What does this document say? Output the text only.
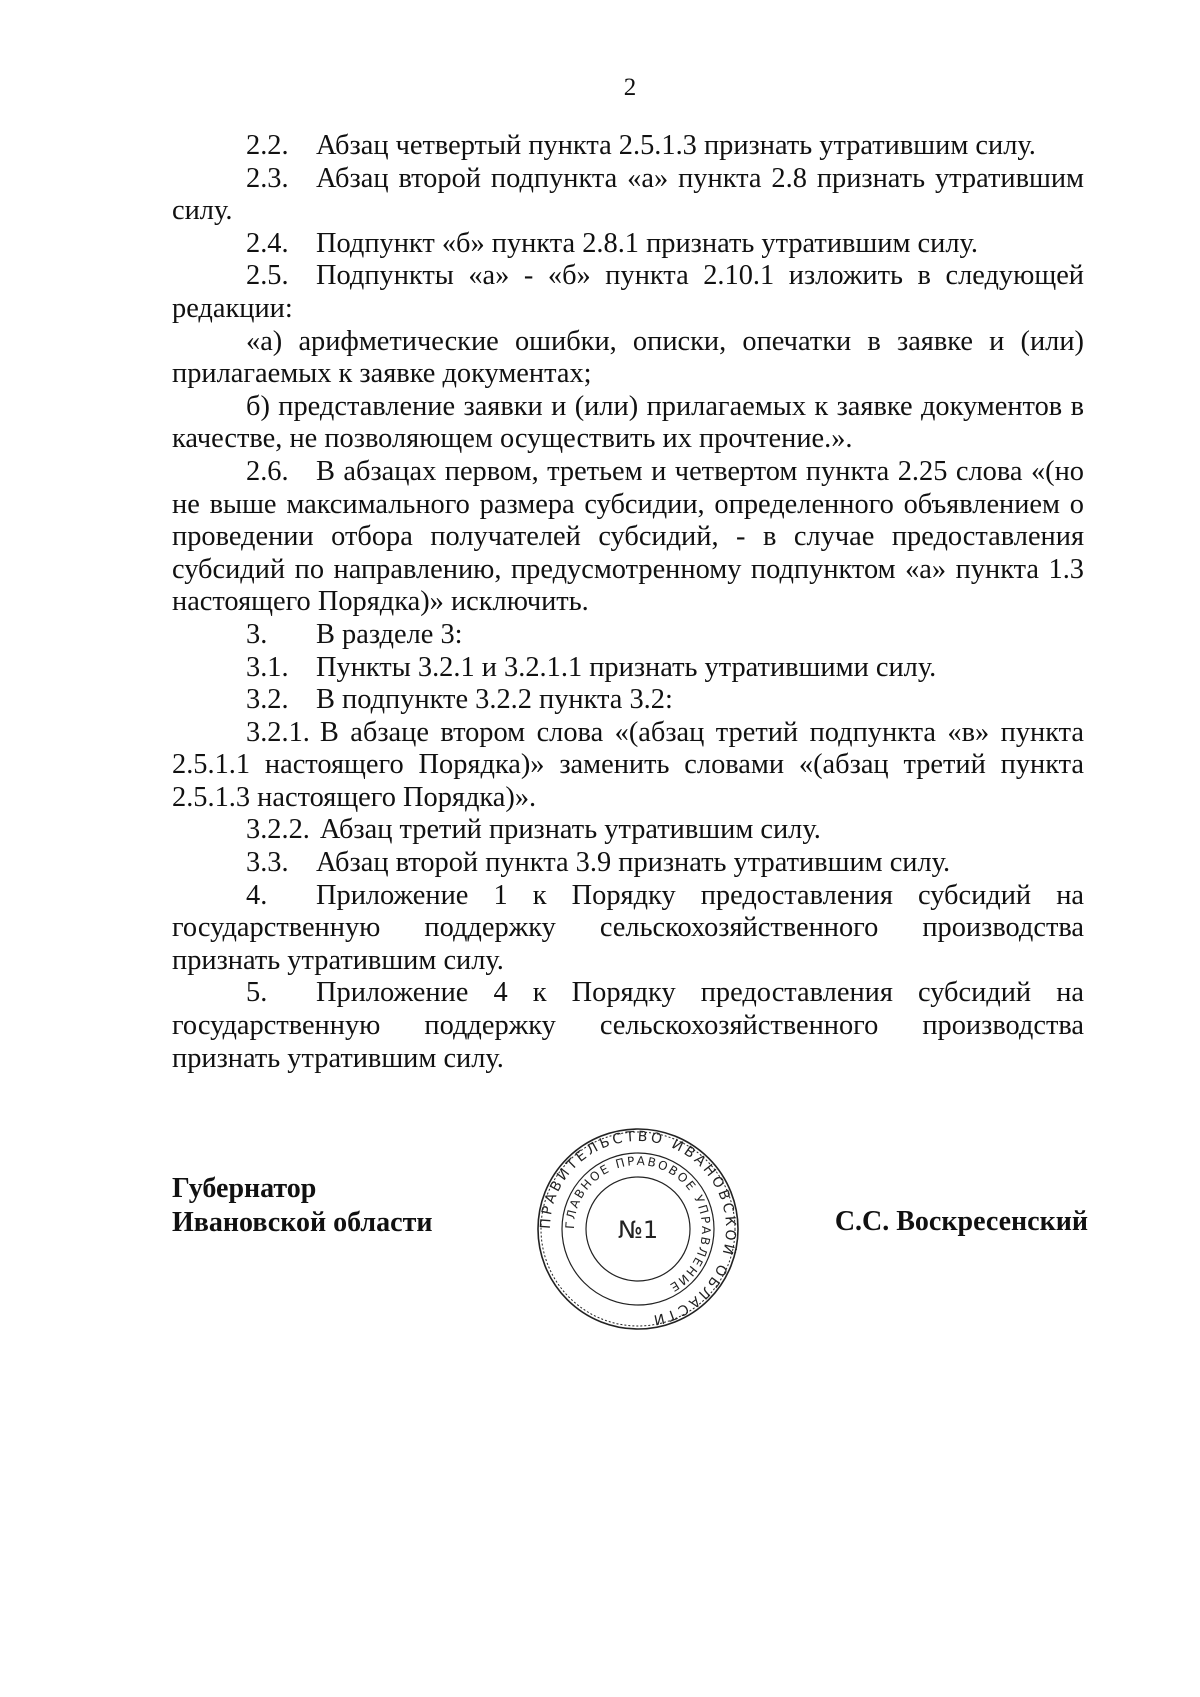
2

2.2. Абзац четвертый пункта 2.5.1.3 признать утратившим силу.

2.3. Абзац второй подпункта «а» пункта 2.8 признать утратившим силу.

2.4. Подпункт «б» пункта 2.8.1 признать утратившим силу.

2.5. Подпункты «а» - «б» пункта 2.10.1 изложить в следующей редакции:

«а) арифметические ошибки, описки, опечатки в заявке и (или) прилагаемых к заявке документах;

б) представление заявки и (или) прилагаемых к заявке документов в качестве, не позволяющем осуществить их прочтение.».

2.6. В абзацах первом, третьем и четвертом пункта 2.25 слова «(но не выше максимального размера субсидии, определенного объявлением о проведении отбора получателей субсидий, - в случае предоставления субсидий по направлению, предусмотренному подпунктом «а» пункта 1.3 настоящего Порядка)» исключить.

3. В разделе 3:

3.1. Пункты 3.2.1 и 3.2.1.1 признать утратившими силу.

3.2. В подпункте 3.2.2 пункта 3.2:

3.2.1. В абзаце втором слова «(абзац третий подпункта «в» пункта 2.5.1.1 настоящего Порядка)» заменить словами «(абзац третий пункта 2.5.1.3 настоящего Порядка)».

3.2.2. Абзац третий признать утратившим силу.

3.3. Абзац второй пункта 3.9 признать утратившим силу.

4. Приложение 1 к Порядку предоставления субсидий на государственную поддержку сельскохозяйственного производства признать утратившим силу.

5. Приложение 4 к Порядку предоставления субсидий на государственную поддержку сельскохозяйственного производства признать утратившим силу.

Губернатор
Ивановской области	ПРАВИТЕЛЬСТВО ИВАНОВСКОЙ ОБЛАСТИ
ГЛАВНОЕ ПРАВОВОЕ УПРАВЛЕНИЕ
№1	С.С. Воскресенский
